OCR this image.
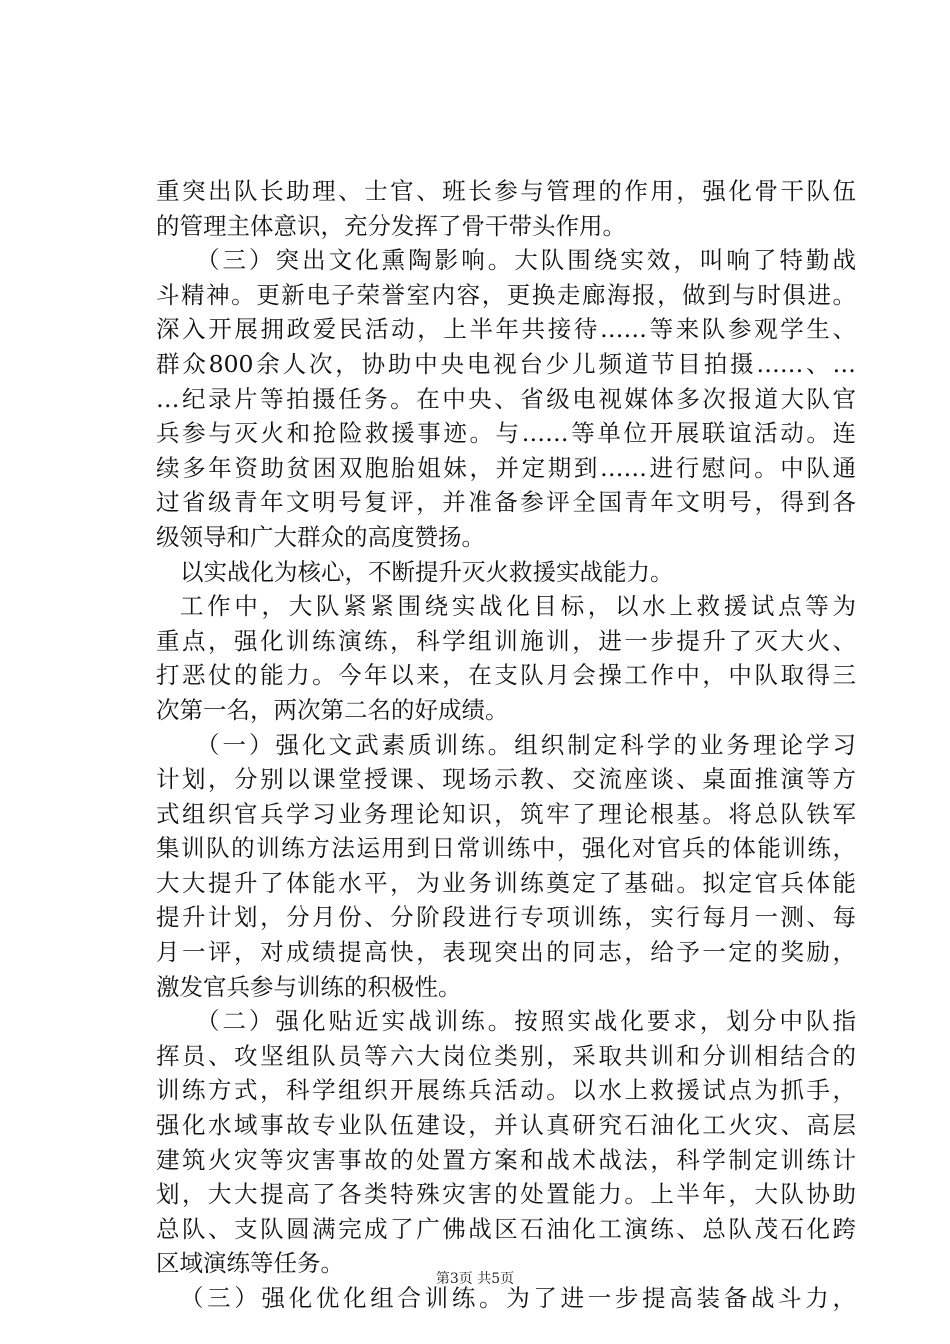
重突出队长助理、士官、班长参与管理的作用，强化骨干队伍
的管理主体意识，充分发挥了骨干带头作用。
（三）突出文化熏陶影响。大队围绕实效，叫响了特勤战
斗精神。更新电子荣誉室内容，更换走廊海报，做到与时俱进。
深入开展拥政爱民活动，上半年共接待……等来队参观学生、
群众800余人次，协助中央电视台少儿频道节目拍摄……、…
…纪录片等拍摄任务。在中央、省级电视媒体多次报道大队官
兵参与灭火和抢险救援事迹。与……等单位开展联谊活动。连
续多年资助贫困双胞胎姐妹，并定期到……进行慰问。中队通
过省级青年文明号复评，并准备参评全国青年文明号，得到各
级领导和广大群众的高度赞扬。
以实战化为核心，不断提升灭火救援实战能力。
工作中，大队紧紧围绕实战化目标，以水上救援试点等为
重点，强化训练演练，科学组训施训，进一步提升了灭大火、
打恶仗的能力。今年以来，在支队月会操工作中，中队取得三
次第一名，两次第二名的好成绩。
（一）强化文武素质训练。组织制定科学的业务理论学习
计划，分别以课堂授课、现场示教、交流座谈、桌面推演等方
式组织官兵学习业务理论知识，筑牢了理论根基。将总队铁军
集训队的训练方法运用到日常训练中，强化对官兵的体能训练，
大大提升了体能水平，为业务训练奠定了基础。拟定官兵体能
提升计划，分月份、分阶段进行专项训练，实行每月一测、每
月一评，对成绩提高快，表现突出的同志，给予一定的奖励，
激发官兵参与训练的积极性。
（二）强化贴近实战训练。按照实战化要求，划分中队指
挥员、攻坚组队员等六大岗位类别，采取共训和分训相结合的
训练方式，科学组织开展练兵活动。以水上救援试点为抓手，
强化水域事故专业队伍建设，并认真研究石油化工火灾、高层
建筑火灾等灾害事故的处置方案和战术战法，科学制定训练计
划，大大提高了各类特殊灾害的处置能力。上半年，大队协助
总队、支队圆满完成了广佛战区石油化工演练、总队茂石化跨
区域演练等任务。
（三）强化优化组合训练。为了进一步提高装备战斗力，
第3页 共5页
